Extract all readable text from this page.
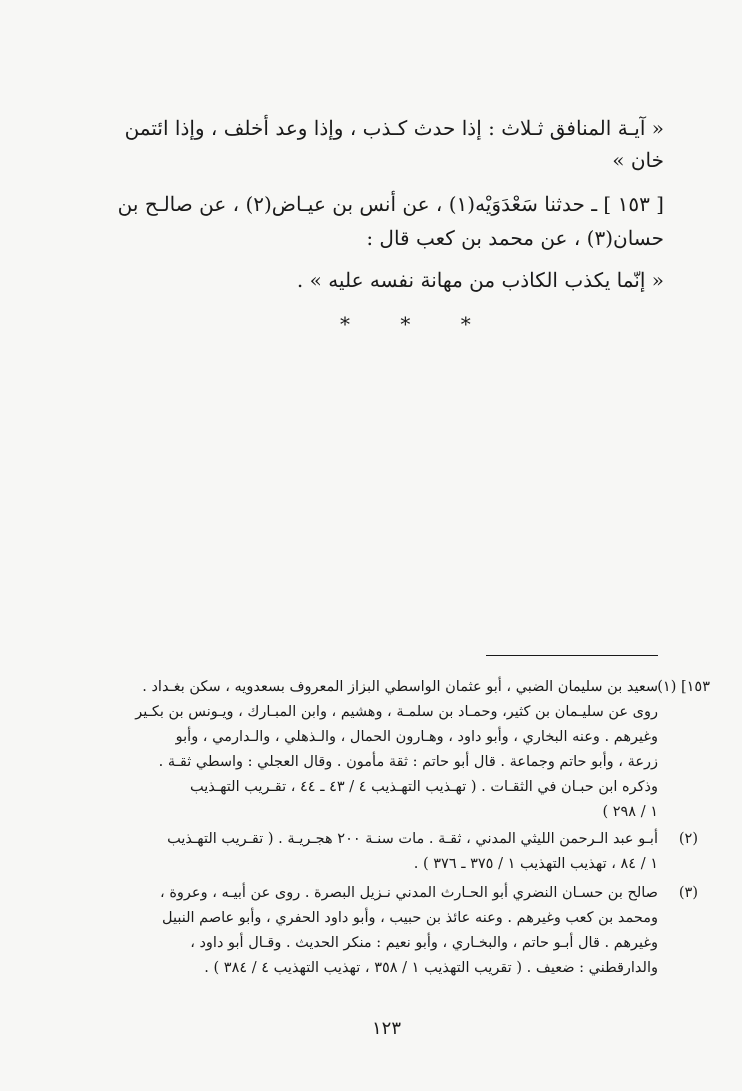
« آيـة المنافق ثـلاث : إذا حدث كـذب ، وإذا وعد أخلف ، وإذا ائتمن
خان »
[ ١٥٣ ] ـ حدثنا سَعْدَوَيْه(١) ، عن أنس بن عيـاض(٢) ، عن صالـح بن
حسان(٣) ، عن محمد بن كعب قال :
« إنّما يكذب الكاذب من مهانة نفسه عليه » .
* * *
١٥٣] (١)
سعيد بن سليمان الضبي ، أبو عثمان الواسطي البزاز المعروف بسعدويه ، سكن بغـداد .
روى عن سليـمان بن كثير، وحمـاد بن سلمـة ، وهشيم ، وابن المبـارك ، ويـونس بن بكـير
وغيرهم . وعنه البخاري ، وأبو داود ، وهـارون الحمال ، والـذهلي ، والـدارمي ، وأبو
زرعة ، وأبو حاتم وجماعة . قال أبو حاتم : ثقة مأمون . وقال العجلي : واسطي ثقـة .
وذكره ابن حبـان في الثقـات . ( تهـذيب التهـذيب ٤ / ٤٣ ـ ٤٤ ، تقـريب التهـذيب
١ / ٢٩٨ )
(٢)
أبـو عبد الـرحمن الليثي المدني ، ثقـة . مات سنـة ٢٠٠ هجـريـة . ( تقـريب التهـذيب
١ / ٨٤ ، تهذيب التهذيب ١ / ٣٧٥ ـ ٣٧٦ ) .
(٣)
صالح بن حسـان النضري أبو الحـارث المدني نـزيل البصرة . روى عن أبيـه ، وعروة ،
ومحمد بن كعب وغيرهم . وعنه عائذ بن حبيب ، وأبو داود الحفري ، وأبو عاصم النبيل
وغيرهم . قال أبـو حاتم ، والبخـاري ، وأبو نعيم : منكر الحديث . وقـال أبو داود ،
والدارقطني : ضعيف . ( تقريب التهذيب ١ / ٣٥٨ ، تهذيب التهذيب ٤ / ٣٨٤ ) .
١٢٣
